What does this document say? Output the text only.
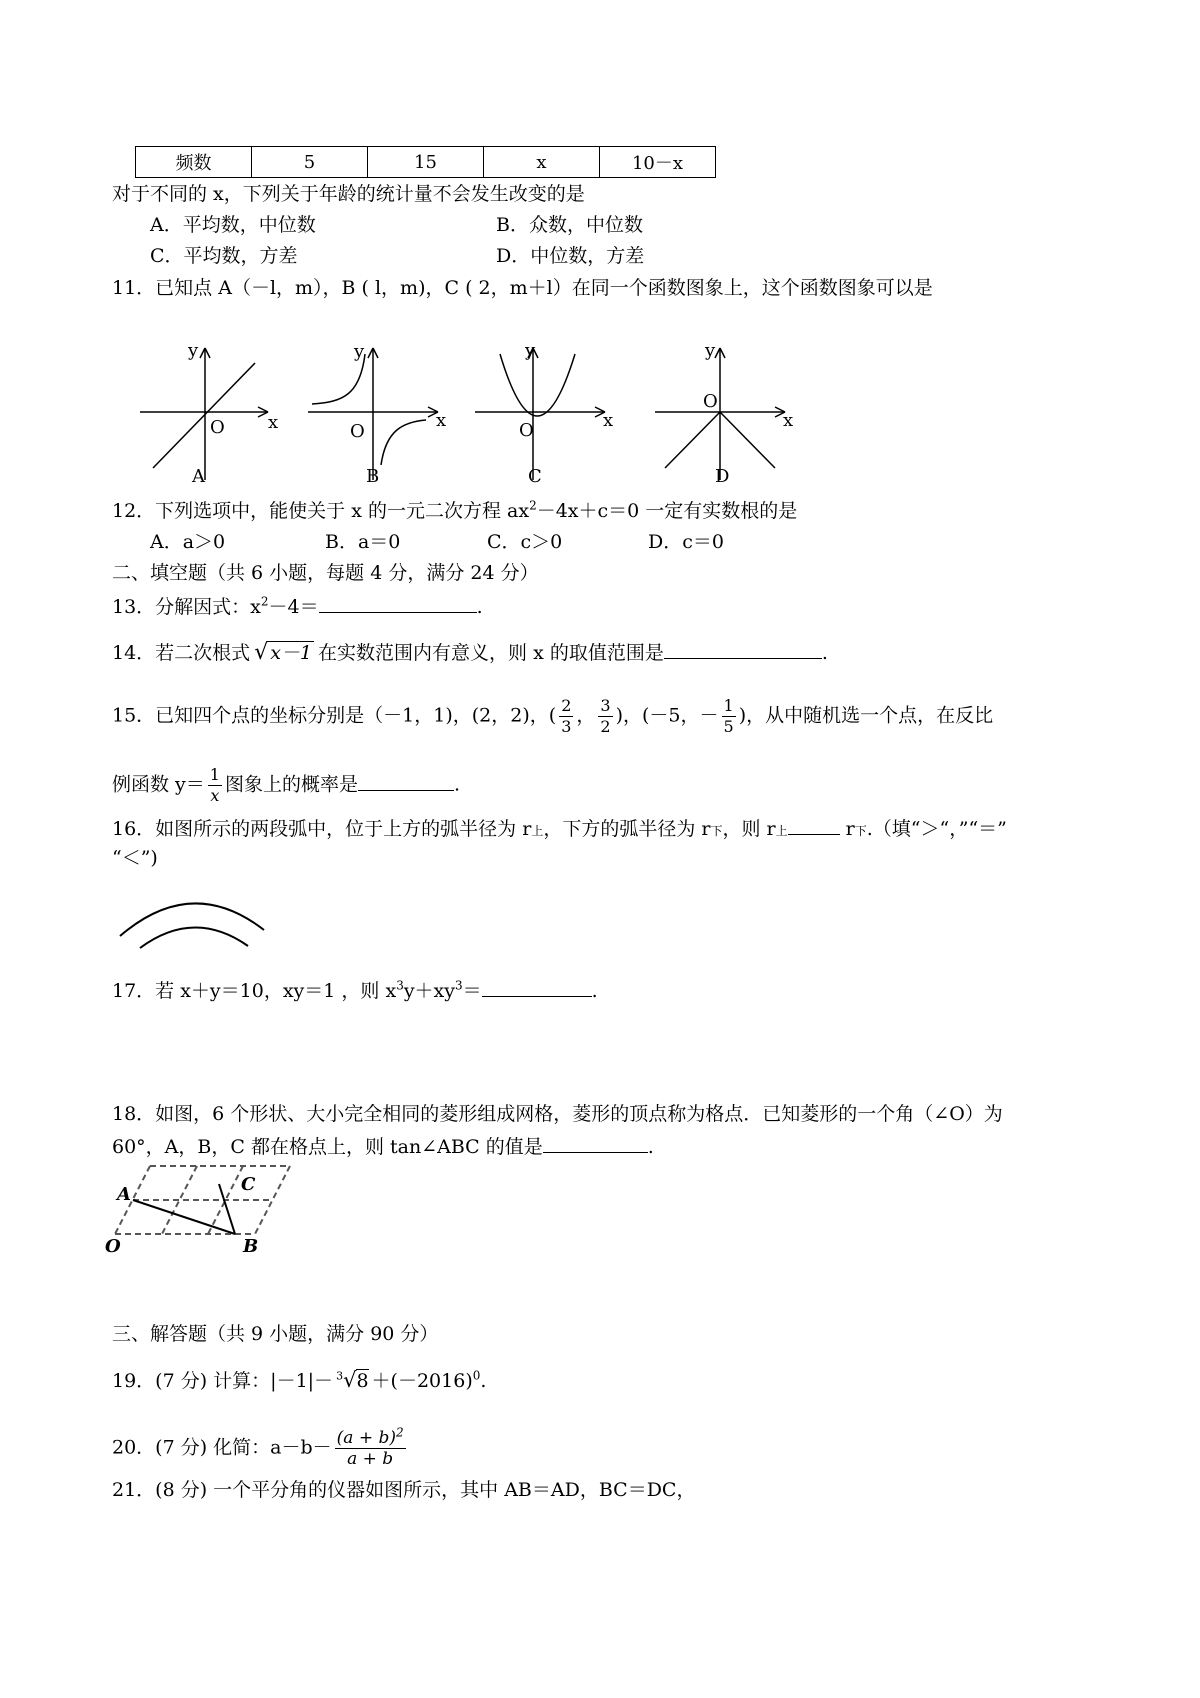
频数	5	15	x	10－x
对于不同的 x，下列关于年龄的统计量不会发生改变的是
A．平均数，中位数	B．众数，中位数
C．平均数，方差	D．中位数，方差
11．已知点 A（－l，m），B ( l，m)，C ( 2，m＋l）在同一个函数图象上，这个函数图象可以是
y
x
O
A
y
x
O
B
y
x
O
C
y
x
O
D
12．下列选项中，能使关于 x 的一元二次方程 $ax^2-4x+c=0$ 一定有实数根的是
A．a＞0	B．a＝0	C．c＞0	D．c＝0
二、填空题（共 6 小题，每题 4 分，满分 24 分）
13．分解因式：$x^2-4=$	.
14．若二次根式 √ x－1 在实数范围内有意义，则 x 的取值范围是	.
15．已知四个点的坐标分别是（－1，1)，(2，2)，( $\frac{2}{3}$ ， $\frac{3}{2}$ )，(－5，－ $\frac{1}{5}$ )，从中随机选一个点，在反比
例函数 $y= \frac{1}{x}$ 图象上的概率是	.
16．如图所示的两段弧中，位于上方的弧半径为 r上，下方的弧半径为 r下，则 r上	r下.（填“＞“，”“＝”
“＜”)
17．若 x＋y＝10，xy＝1 ，则 $x^3y+xy^3=$	.
18．如图，6 个形状、大小完全相同的菱形组成网格，菱形的顶点称为格点．已知菱形的一个角（∠O）为
60°，A，B，C 都在格点上，则 tan∠ABC 的值是	.
A	C
O	B
三、解答题（共 9 小题，满分 90 分）
19．(7 分) 计算：$|-1|- ^3√8 +(-2016)^0$.
20．(7 分) 化简：$a-b- \frac{(a + b)^2}{a + b}$
21．(8 分) 一个平分角的仪器如图所示，其中 AB＝AD，BC＝DC，
